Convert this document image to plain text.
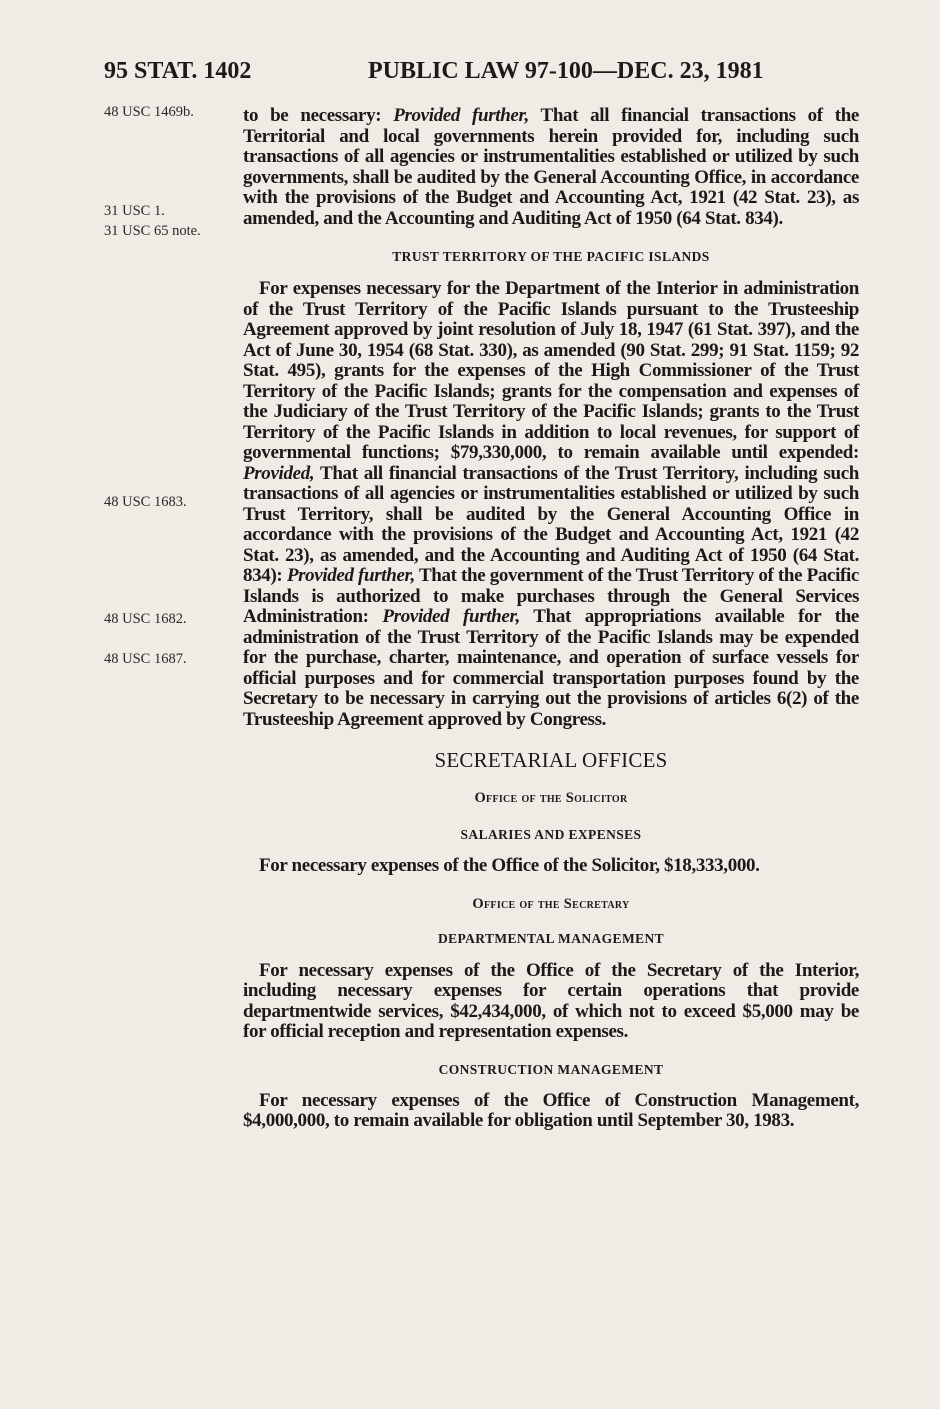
95 STAT. 1402	PUBLIC LAW 97-100—DEC. 23, 1981
48 USC 1469b.
31 USC 1.
31 USC 65 note.
48 USC 1683.
48 USC 1682.
48 USC 1687.

to be necessary: Provided further, That all financial transactions of the Territorial and local governments herein provided for, including such transactions of all agencies or instrumentalities established or utilized by such governments, shall be audited by the General Accounting Office, in accordance with the provisions of the Budget and Accounting Act, 1921 (42 Stat. 23), as amended, and the Accounting and Auditing Act of 1950 (64 Stat. 834).

TRUST TERRITORY OF THE PACIFIC ISLANDS

For expenses necessary for the Department of the Interior in administration of the Trust Territory of the Pacific Islands pursuant to the Trusteeship Agreement approved by joint resolution of July 18, 1947 (61 Stat. 397), and the Act of June 30, 1954 (68 Stat. 330), as amended (90 Stat. 299; 91 Stat. 1159; 92 Stat. 495), grants for the expenses of the High Commissioner of the Trust Territory of the Pacific Islands; grants for the compensation and expenses of the Judiciary of the Trust Territory of the Pacific Islands; grants to the Trust Territory of the Pacific Islands in addition to local revenues, for support of governmental functions; $79,330,000, to remain available until expended: Provided, That all financial transactions of the Trust Territory, including such transactions of all agencies or instrumentalities established or utilized by such Trust Territory, shall be audited by the General Accounting Office in accordance with the provisions of the Budget and Accounting Act, 1921 (42 Stat. 23), as amended, and the Accounting and Auditing Act of 1950 (64 Stat. 834): Provided further, That the government of the Trust Territory of the Pacific Islands is authorized to make purchases through the General Services Administration: Provided further, That appropriations available for the administration of the Trust Territory of the Pacific Islands may be expended for the purchase, charter, maintenance, and operation of surface vessels for official purposes and for commercial transportation purposes found by the Secretary to be necessary in carrying out the provisions of articles 6(2) of the Trusteeship Agreement approved by Congress.

SECRETARIAL OFFICES

Office of the Solicitor

SALARIES AND EXPENSES

For necessary expenses of the Office of the Solicitor, $18,333,000.

Office of the Secretary

DEPARTMENTAL MANAGEMENT

For necessary expenses of the Office of the Secretary of the Interior, including necessary expenses for certain operations that provide departmentwide services, $42,434,000, of which not to exceed $5,000 may be for official reception and representation expenses.

CONSTRUCTION MANAGEMENT

For necessary expenses of the Office of Construction Management, $4,000,000, to remain available for obligation until September 30, 1983.
